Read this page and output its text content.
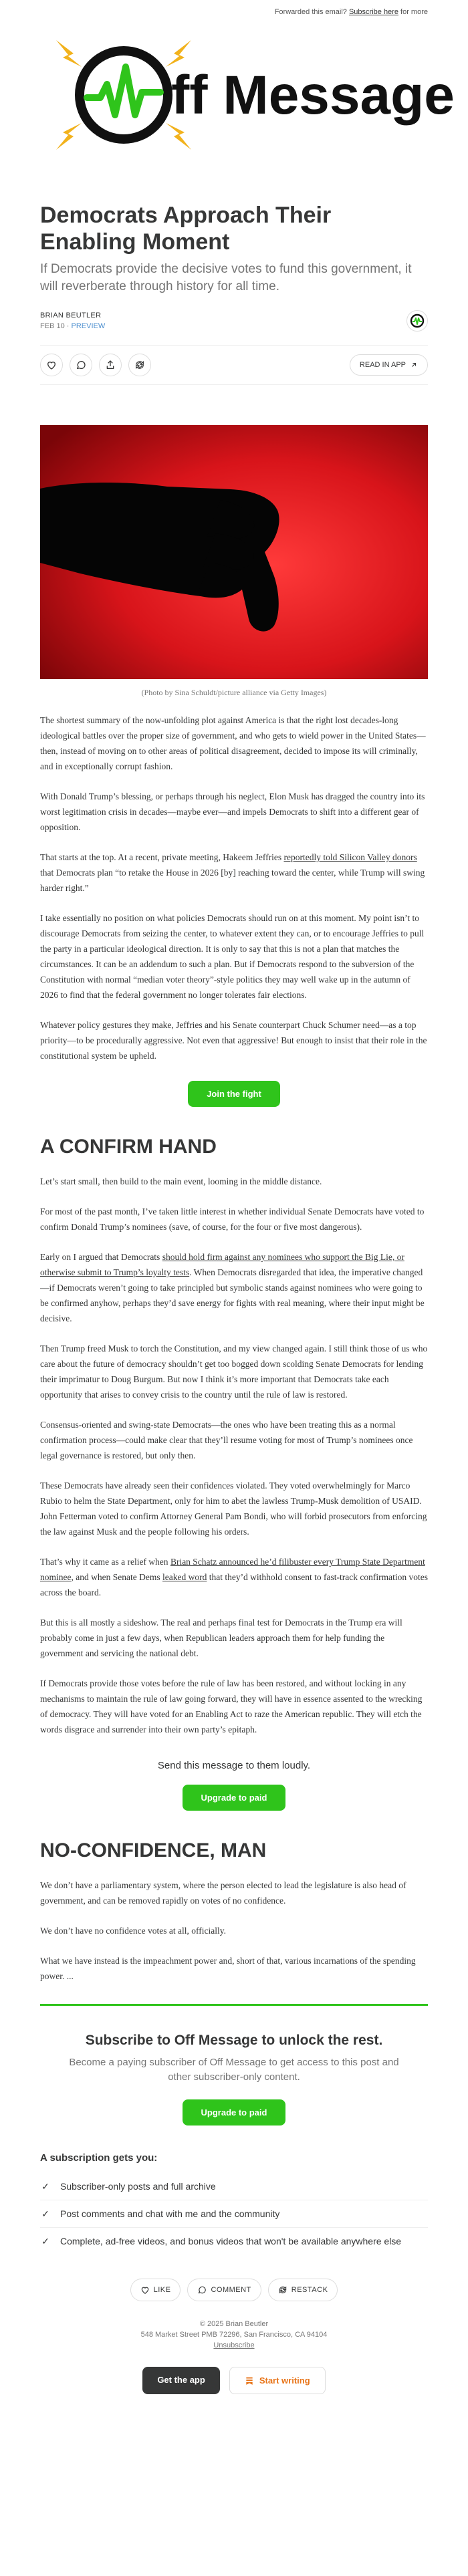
Forwarded this email? Subscribe here for more
ff Message
Democrats Approach Their Enabling Moment
If Democrats provide the decisive votes to fund this government, it will reverberate through history for all time.
BRIAN BEUTLER
FEB 10 · PREVIEW
READ IN APP
(Photo by Sina Schuldt/picture alliance via Getty Images)

The shortest summary of the now-unfolding plot against America is that the right lost decades-long ideological battles over the proper size of government, and who gets to wield power in the United States—then, instead of moving on to other areas of political disagreement, decided to impose its will criminally, and in exceptionally corrupt fashion.

With Donald Trump’s blessing, or perhaps through his neglect, Elon Musk has dragged the country into its worst legitimation crisis in decades—maybe ever—and impels Democrats to shift into a different gear of opposition.

That starts at the top. At a recent, private meeting, Hakeem Jeffries reportedly told Silicon Valley donors that Democrats plan “to retake the House in 2026 [by] reaching toward the center, while Trump will swing harder right.”

I take essentially no position on what policies Democrats should run on at this moment. My point isn’t to discourage Democrats from seizing the center, to whatever extent they can, or to encourage Jeffries to pull the party in a particular ideological direction. It is only to say that this is not a plan that matches the circumstances. It can be an addendum to such a plan. But if Democrats respond to the subversion of the Constitution with normal “median voter theory”-style politics they may well wake up in the autumn of 2026 to find that the federal government no longer tolerates fair elections.

Whatever policy gestures they make, Jeffries and his Senate counterpart Chuck Schumer need—as a top priority—to be procedurally aggressive. Not even that aggressive! But enough to insist that their role in the constitutional system be upheld.

Join the fight
A CONFIRM HAND

Let’s start small, then build to the main event, looming in the middle distance.

For most of the past month, I’ve taken little interest in whether individual Senate Democrats have voted to confirm Donald Trump’s nominees (save, of course, for the four or five most dangerous).

Early on I argued that Democrats should hold firm against any nominees who support the Big Lie, or otherwise submit to Trump’s loyalty tests. When Democrats disregarded that idea, the imperative changed—if Democrats weren’t going to take principled but symbolic stands against nominees who were going to be confirmed anyhow, perhaps they’d save energy for fights with real meaning, where their input might be decisive.

Then Trump freed Musk to torch the Constitution, and my view changed again. I still think those of us who care about the future of democracy shouldn’t get too bogged down scolding Senate Democrats for lending their imprimatur to Doug Burgum. But now I think it’s more important that Democrats take each opportunity that arises to convey crisis to the country until the rule of law is restored.

Consensus-oriented and swing-state Democrats—the ones who have been treating this as a normal confirmation process—could make clear that they’ll resume voting for most of Trump’s nominees once legal governance is restored, but only then.

These Democrats have already seen their confidences violated. They voted overwhelmingly for Marco Rubio to helm the State Department, only for him to abet the lawless Trump-Musk demolition of USAID. John Fetterman voted to confirm Attorney General Pam Bondi, who will forbid prosecutors from enforcing the law against Musk and the people following his orders.

That’s why it came as a relief when Brian Schatz announced he’d filibuster every Trump State Department nominee, and when Senate Dems leaked word that they’d withhold consent to fast-track confirmation votes across the board.

But this is all mostly a sideshow. The real and perhaps final test for Democrats in the Trump era will probably come in just a few days, when Republican leaders approach them for help funding the government and servicing the national debt.

If Democrats provide those votes before the rule of law has been restored, and without locking in any mechanisms to maintain the rule of law going forward, they will have in essence assented to the wrecking of democracy. They will have voted for an Enabling Act to raze the American republic. They will etch the words disgrace and surrender into their own party’s epitaph.

Send this message to them loudly.
Upgrade to paid
NO-CONFIDENCE, MAN

We don’t have a parliamentary system, where the person elected to lead the legislature is also head of government, and can be removed rapidly on votes of no confidence.

We don’t have no confidence votes at all, officially.

What we have instead is the impeachment power and, short of that, various incarnations of the spending power. ...

Subscribe to Off Message to unlock the rest.
Become a paying subscriber of Off Message to get access to this post and other subscriber-only content.
Upgrade to paid
A subscription gets you:
✓ Subscriber-only posts and full archive
✓ Post comments and chat with me and the community
✓ Complete, ad-free videos, and bonus videos that won't be available anywhere else
LIKE	COMMENT	RESTACK
© 2025 Brian Beutler
548 Market Street PMB 72296, San Francisco, CA 94104
Unsubscribe
Get the app	Start writing
